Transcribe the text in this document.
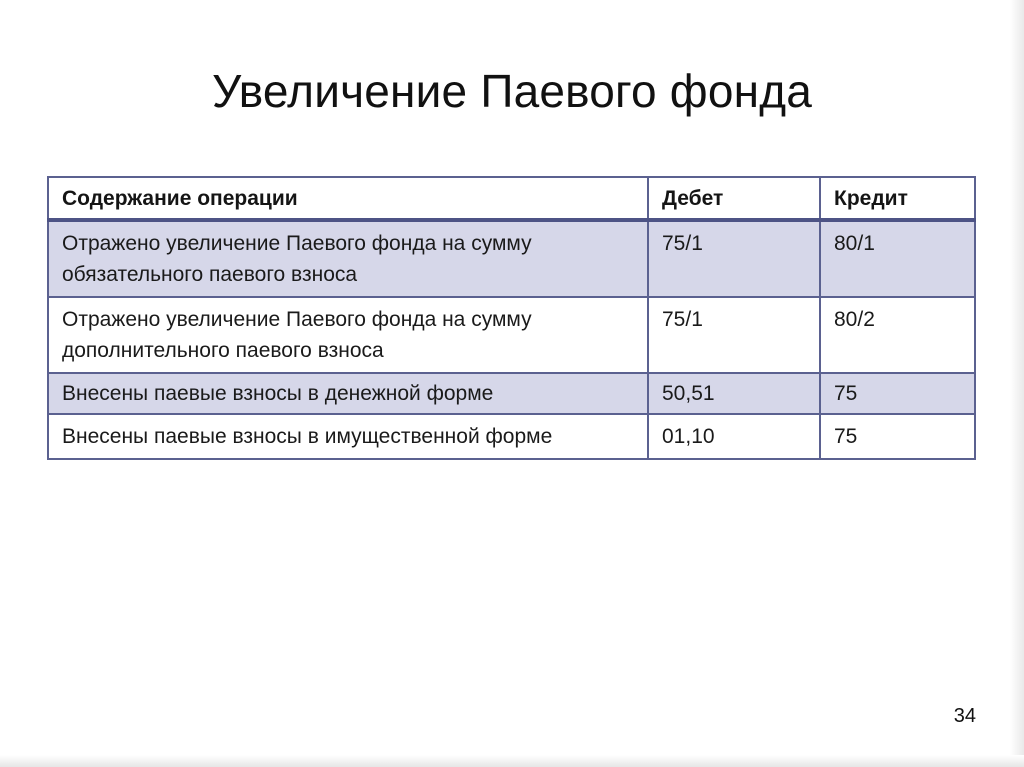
Увеличение Паевого фонда
Содержание операции	Дебет	Кредит
Отражено увеличение Паевого фонда на сумму обязательного паевого взноса	75/1	80/1
Отражено увеличение Паевого фонда на сумму дополнительного паевого взноса	75/1	80/2
Внесены паевые взносы в денежной форме	50,51	75
Внесены паевые взносы в имущественной форме	01,10	75
34
